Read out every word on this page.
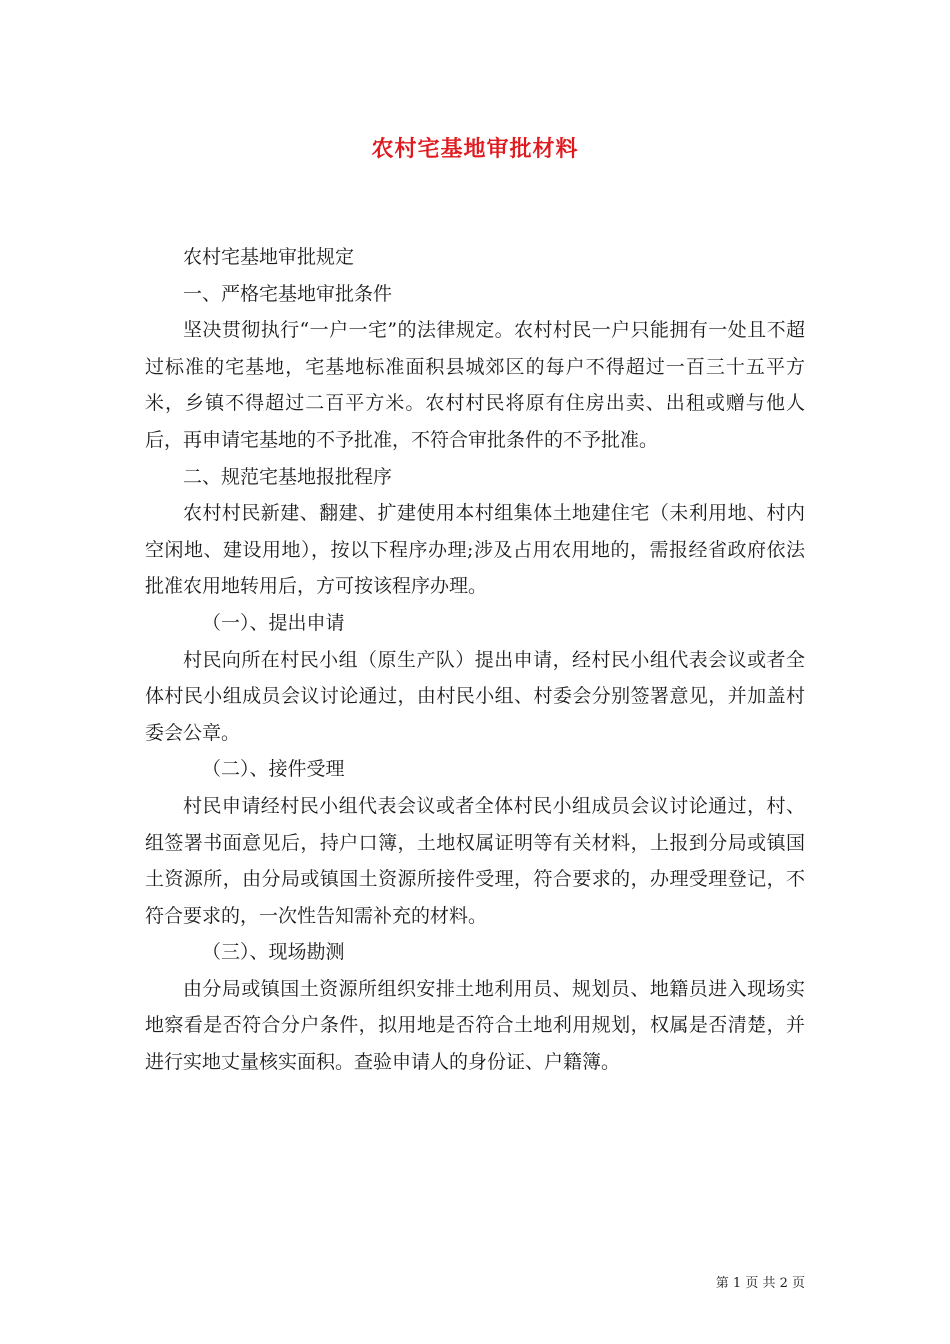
农村宅基地审批材料

农村宅基地审批规定

一、严格宅基地审批条件

坚决贯彻执行“一户一宅”的法律规定。农村村民一户只能拥有一处且不超过标准的宅基地，宅基地标准面积县城郊区的每户不得超过一百三十五平方米，乡镇不得超过二百平方米。农村村民将原有住房出卖、出租或赠与他人后，再申请宅基地的不予批准，不符合审批条件的不予批准。

二、规范宅基地报批程序

农村村民新建、翻建、扩建使用本村组集体土地建住宅（未利用地、村内空闲地、建设用地），按以下程序办理;涉及占用农用地的，需报经省政府依法批准农用地转用后，方可按该程序办理。

（一）、提出申请

村民向所在村民小组（原生产队）提出申请，经村民小组代表会议或者全体村民小组成员会议讨论通过，由村民小组、村委会分别签署意见，并加盖村委会公章。

（二）、接件受理

村民申请经村民小组代表会议或者全体村民小组成员会议讨论通过，村、组签署书面意见后，持户口簿，土地权属证明等有关材料，上报到分局或镇国土资源所，由分局或镇国土资源所接件受理，符合要求的，办理受理登记，不符合要求的，一次性告知需补充的材料。

（三）、现场勘测

由分局或镇国土资源所组织安排土地利用员、规划员、地籍员进入现场实地察看是否符合分户条件，拟用地是否符合土地利用规划，权属是否清楚，并进行实地丈量核实面积。查验申请人的身份证、户籍簿。

第 1 页 共 2 页
